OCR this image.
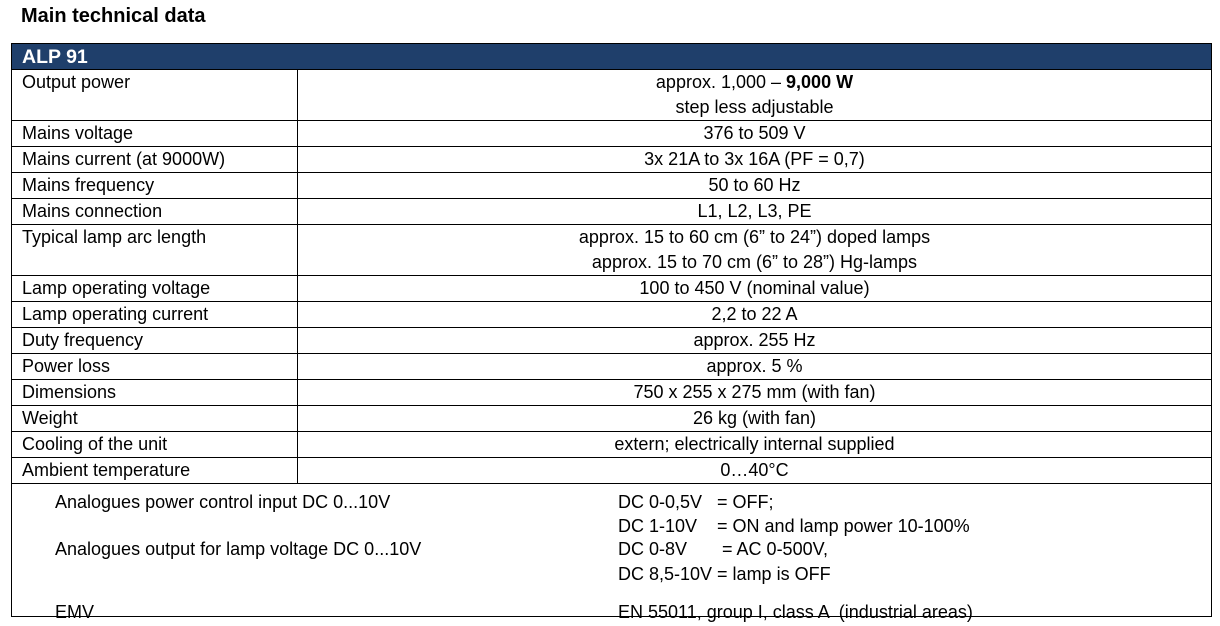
Main technical data
ALP 91
Output power	approx. 1,000 – 9,000 W
step less adjustable

Mains voltage	376 to 509 V
Mains current (at 9000W)	3x 21A to 3x 16A (PF = 0,7)
Mains frequency	50 to 60 Hz
Mains connection	L1, L2, L3, PE
Typical lamp arc length	approx. 15 to 60 cm (6” to 24”) doped lamps
approx. 15 to 70 cm (6” to 28”) Hg-lamps

Lamp operating voltage	100 to 450 V (nominal value)
Lamp operating current	2,2 to 22 A
Duty frequency	approx. 255 Hz
Power loss	approx. 5 %
Dimensions	750 x 255 x 275 mm (with fan)
Weight	26 kg (with fan)
Cooling of the unit	extern; electrically internal supplied
Ambient temperature	0…40°C
Analogues power control input DC 0...10V	DC 0-0,5V   = OFF;
DC 1-10V    = ON and lamp power 10-100%
Analogues output for lamp voltage DC 0...10V	DC 0-8V       = AC 0-500V,
DC 8,5-10V = lamp is OFF
EMV	EN 55011, group I, class A  (industrial areas)
